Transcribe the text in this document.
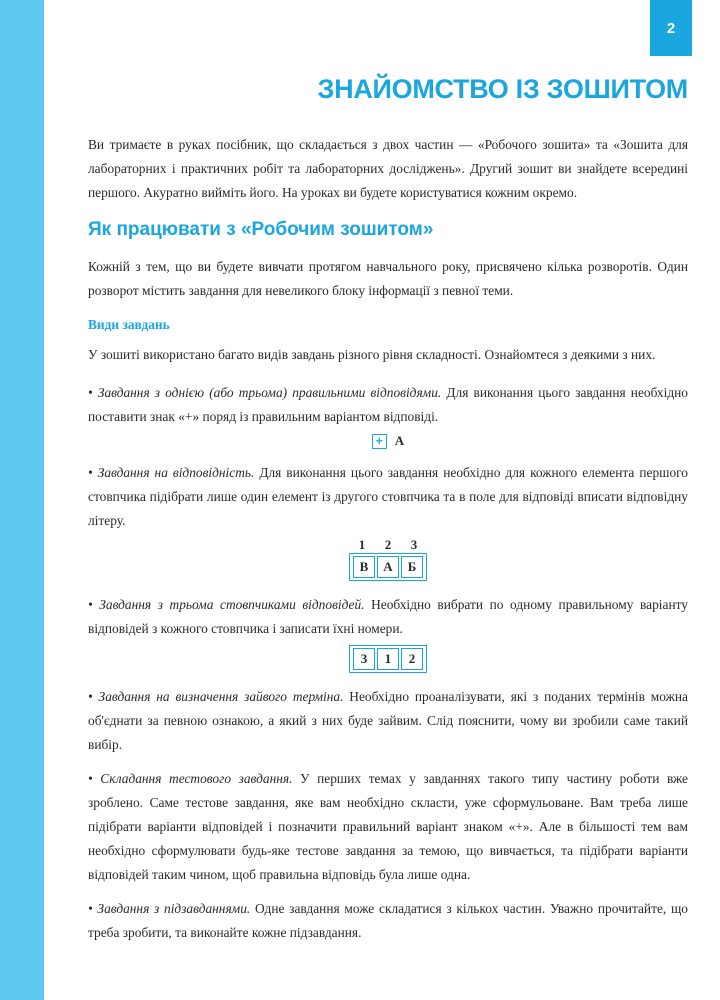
2
ЗНАЙОМСТВО ІЗ ЗОШИТОМ

Ви тримаєте в руках посібник, що складається з двох частин — «Робочого зошита» та «Зошита для лабораторних і практичних робіт та лабораторних досліджень». Другий зошит ви знайдете всередині першого. Акуратно вийміть його. На уроках ви будете користуватися кожним окремо.

Як працювати з «Робочим зошитом»

Кожній з тем, що ви будете вивчати протягом навчального року, присвячено кілька розворотів. Один розворот містить завдання для невеликого блоку інформації з певної теми.

Види завдань

У зошиті використано багато видів завдань різного рівня складності. Ознайомтеся з деякими з них.

• Завдання з однією (або трьома) правильними відповідями. Для виконання цього завдання необхідно поставити знак «+» поряд із правильним варіантом відповіді.

+ А

• Завдання на відповідність. Для виконання цього завдання необхідно для кожного елемента першого стовпчика підібрати лише один елемент із другого стовпчика та в поле для відповіді вписати відповідну літеру.

1	2	3
В	А	Б

• Завдання з трьома стовпчиками відповідей. Необхідно вибрати по одному правильному варіанту відповідей з кожного стовпчика і записати їхні номери.

3	1	2

• Завдання на визначення зайвого терміна. Необхідно проаналізувати, які з поданих термінів можна об'єднати за певною ознакою, а який з них буде зайвим. Слід пояснити, чому ви зробили саме такий вибір.

• Складання тестового завдання. У перших темах у завданнях такого типу частину роботи вже зроблено. Саме тестове завдання, яке вам необхідно скласти, уже сформульоване. Вам треба лише підібрати варіанти відповідей і позначити правильний варіант знаком «+». Але в більшості тем вам необхідно сформулювати будь-яке тестове завдання за темою, що вивчається, та підібрати варіанти відповідей таким чином, щоб правильна відповідь була лише одна.

• Завдання з підзавданнями. Одне завдання може складатися з кількох частин. Уважно прочитайте, що треба зробити, та виконайте кожне підзавдання.
